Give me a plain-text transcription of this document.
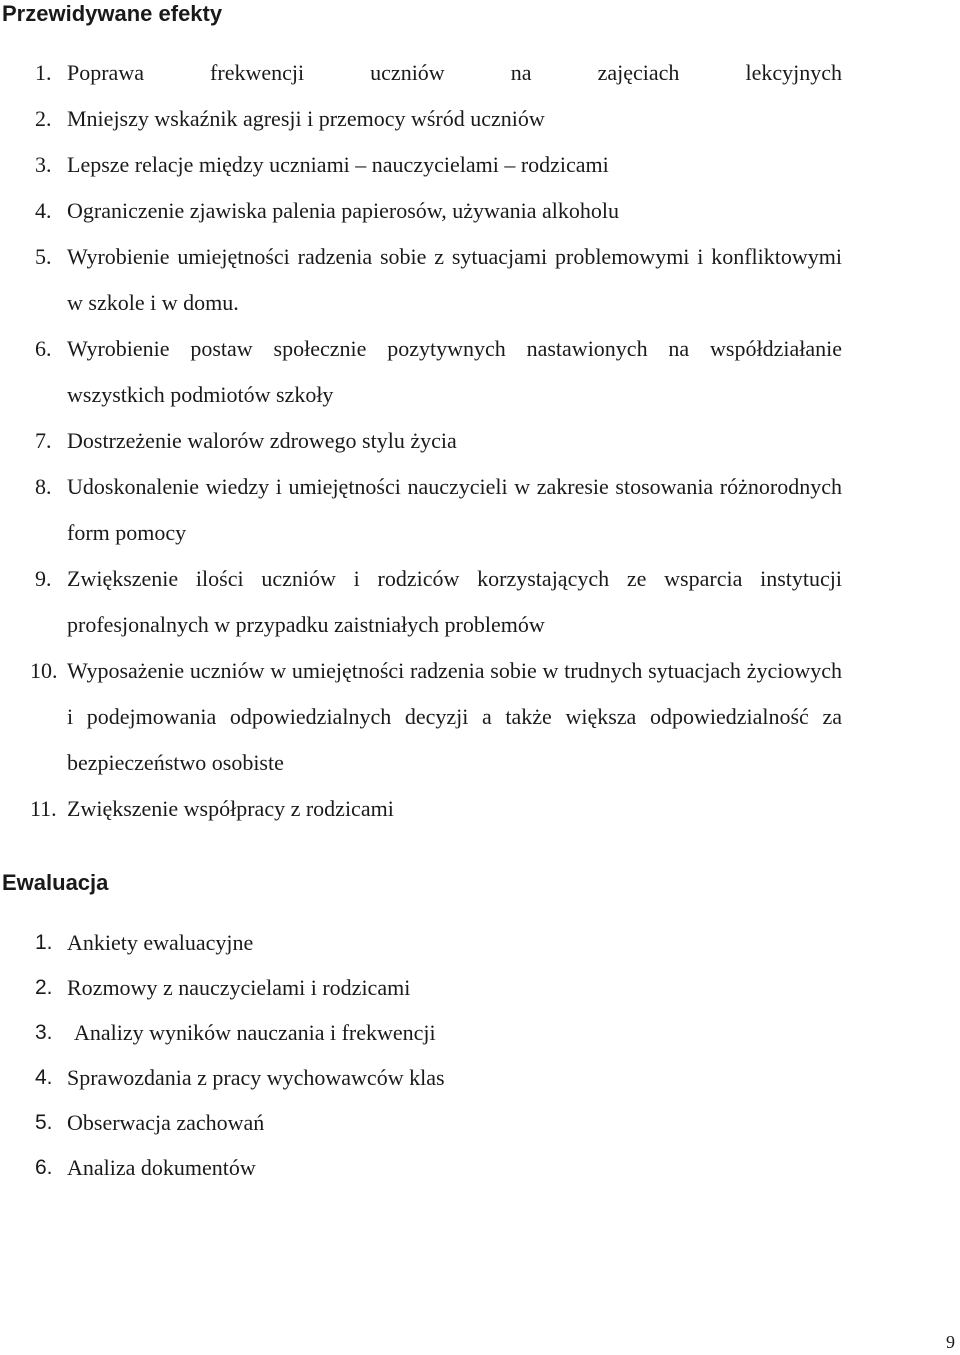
Przewidywane efekty
1. Poprawa frekwencji uczniów na zajęciach lekcyjnych
2. Mniejszy wskaźnik agresji i przemocy wśród uczniów
3. Lepsze relacje między uczniami – nauczycielami – rodzicami
4. Ograniczenie zjawiska palenia papierosów, używania alkoholu
5. Wyrobienie umiejętności radzenia sobie z sytuacjami problemowymi i konfliktowymi w szkole i w domu.
6. Wyrobienie postaw społecznie pozytywnych nastawionych na współdziałanie wszystkich podmiotów szkoły
7. Dostrzeżenie walorów zdrowego stylu życia
8. Udoskonalenie wiedzy i umiejętności nauczycieli w zakresie stosowania różnorodnych form pomocy
9. Zwiększenie ilości uczniów i rodziców korzystających ze wsparcia instytucji profesjonalnych w przypadku zaistniałych problemów
10. Wyposażenie uczniów w umiejętności radzenia sobie w trudnych sytuacjach życiowych i podejmowania odpowiedzialnych decyzji a także większa odpowiedzialność za bezpieczeństwo osobiste
11. Zwiększenie współpracy z rodzicami
Ewaluacja
1. Ankiety ewaluacyjne
2. Rozmowy z nauczycielami i rodzicami
3. Analizy wyników nauczania i frekwencji
4. Sprawozdania z pracy wychowawców klas
5. Obserwacja zachowań
6. Analiza dokumentów
9
